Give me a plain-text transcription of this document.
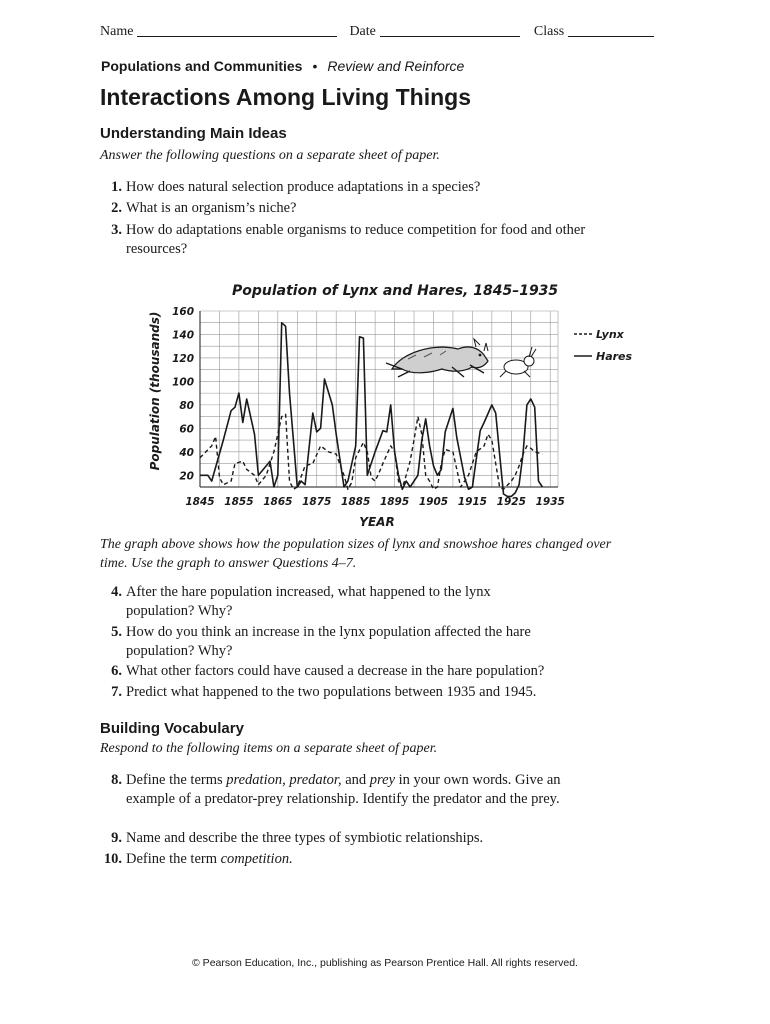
Name	Date	Class
Populations and Communities • Review and Reinforce
Interactions Among Living Things
Understanding Main Ideas
Answer the following questions on a separate sheet of paper.
1. How does natural selection produce adaptations in a species?
2. What is an organism’s niche?
3. How do adaptations enable organisms to reduce competition for food and other resources?
Population of Lynx and Hares, 1845–1935
20
40
60
80
100
120
140
160
1845 1855 1865 1875 1885 1895 1905 1915 1925 1935
Population (thousands)
YEAR
Lynx
Hares
The graph above shows how the population sizes of lynx and snowshoe hares changed over time. Use the graph to answer Questions 4–7.
4. After the hare population increased, what happened to the lynx population? Why?
5. How do you think an increase in the lynx population affected the hare population? Why?
6. What other factors could have caused a decrease in the hare population?
7. Predict what happened to the two populations between 1935 and 1945.
Building Vocabulary
Respond to the following items on a separate sheet of paper.
8. Define the terms predation, predator, and prey in your own words. Give an example of a predator-prey relationship. Identify the predator and the prey.
9. Name and describe the three types of symbiotic relationships.
10. Define the term competition.
© Pearson Education, Inc., publishing as Pearson Prentice Hall. All rights reserved.
